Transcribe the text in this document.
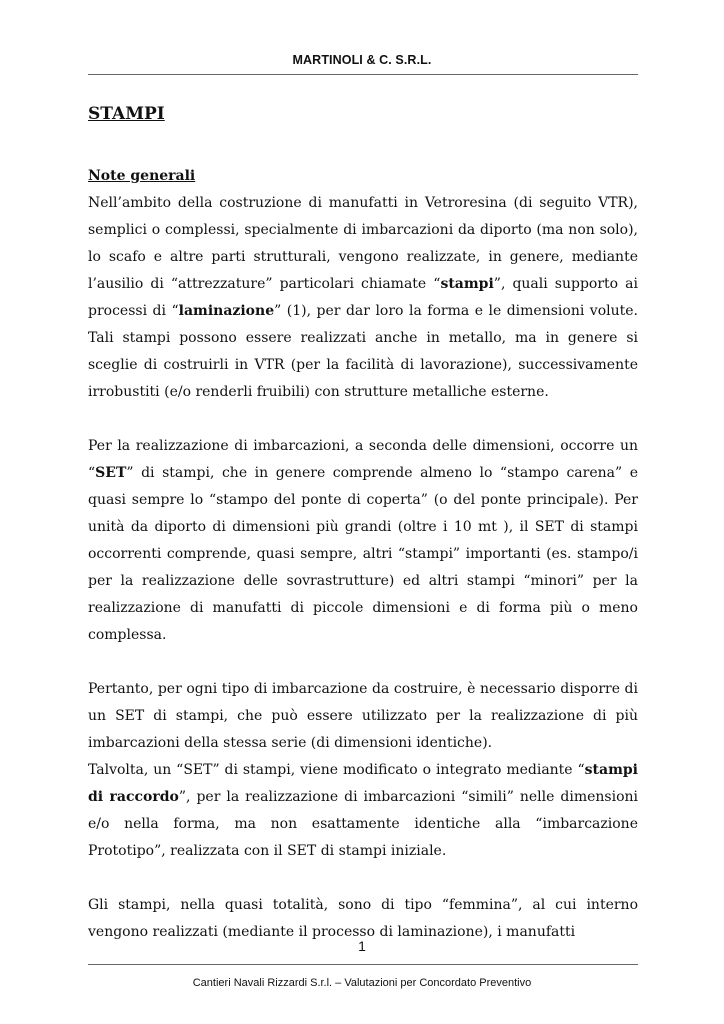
MARTINOLI & C. S.R.L.
STAMPI
Note generali

Nell’ambito della costruzione di manufatti in Vetroresina (di seguito VTR), semplici o complessi, specialmente di imbarcazioni da diporto (ma non solo), lo scafo e altre parti strutturali, vengono realizzate, in genere, mediante l’ausilio di “attrezzature” particolari chiamate “stampi”, quali supporto ai processi di “laminazione” (1), per dar loro la forma e le dimensioni volute. Tali stampi possono essere realizzati anche in metallo, ma in genere si sceglie di costruirli in VTR (per la facilità di lavorazione), successivamente irrobustiti (e/o renderli fruibili) con strutture metalliche esterne.

Per la realizzazione di imbarcazioni, a seconda delle dimensioni, occorre un “SET” di stampi, che in genere comprende almeno lo “stampo carena” e quasi sempre lo “stampo del ponte di coperta” (o del ponte principale). Per unità da diporto di dimensioni più grandi (oltre i 10 mt ), il SET di stampi occorrenti comprende, quasi sempre, altri “stampi” importanti (es. stampo/i per la realizzazione delle sovrastrutture) ed altri stampi “minori” per la realizzazione di manufatti di piccole dimensioni e di forma più o meno complessa.

Pertanto, per ogni tipo di imbarcazione da costruire, è necessario disporre di un SET di stampi, che può essere utilizzato per la realizzazione di più imbarcazioni della stessa serie (di dimensioni identiche).

Talvolta, un “SET” di stampi, viene modificato o integrato mediante “stampi di raccordo”, per la realizzazione di imbarcazioni “simili” nelle dimensioni e/o nella forma, ma non esattamente identiche alla “imbarcazione Prototipo”, realizzata con il SET di stampi iniziale.

Gli stampi, nella quasi totalità, sono di tipo “femmina”, al cui interno vengono realizzati (mediante il processo di laminazione), i manufatti

1
Cantieri Navali Rizzardi S.r.l. – Valutazioni per Concordato Preventivo
